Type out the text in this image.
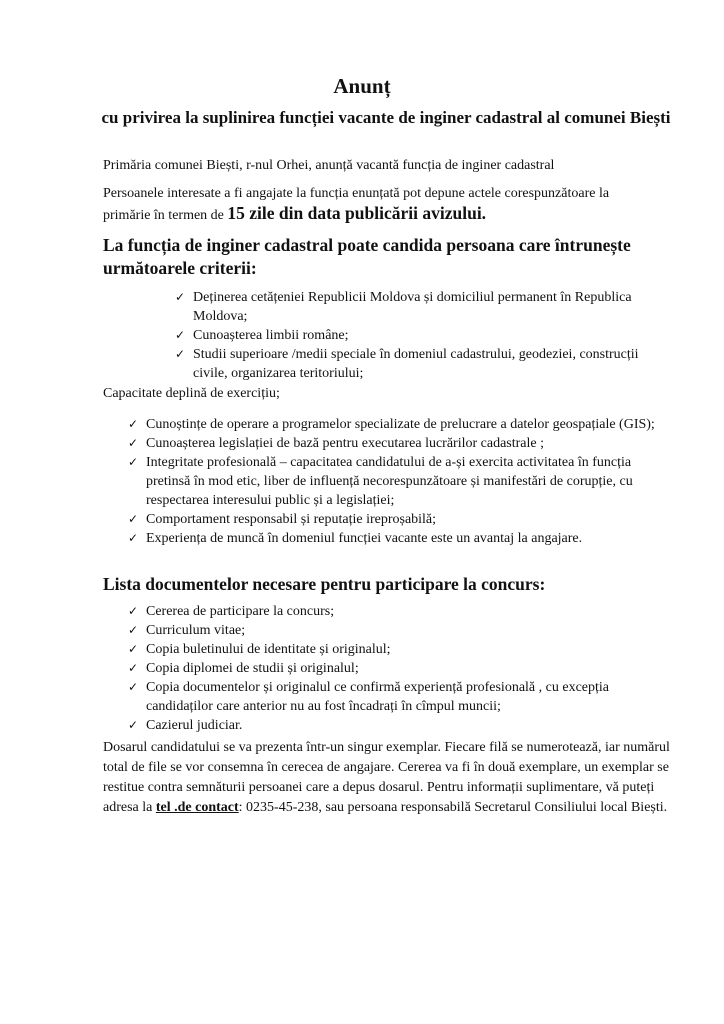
Anunț
cu privirea la suplinirea funcției vacante de inginer cadastral al comunei Biești
Primăria comunei Biești, r-nul Orhei, anunță vacantă funcția de inginer cadastral
Persoanele interesate a fi angajate la funcția enunțată pot depune actele corespunzătoare la
primărie în termen de 15 zile din data publicării avizului.
La funcția de inginer cadastral poate candida persoana care întrunește
următoarele criterii:
✓ Deținerea cetățeniei Republicii Moldova și domiciliul permanent în Republica Moldova;
✓ Cunoașterea limbii române;
✓ Studii superioare /medii speciale în domeniul cadastrului, geodeziei, construcții civile, organizarea teritoriului;
Capacitate deplină de exercițiu;
✓ Cunoștințe de operare a programelor specializate de prelucrare a datelor geospațiale (GIS);
✓ Cunoașterea legislației de bază pentru executarea lucrărilor cadastrale ;
✓ Integritate profesională – capacitatea candidatului de a-și exercita activitatea în funcția pretinsă în mod etic, liber de influență necorespunzătoare și manifestări de corupție, cu respectarea interesului public și a legislației;
✓ Comportament responsabil și reputație ireproșabilă;
✓ Experiența de muncă în domeniul funcției vacante este un avantaj la angajare.
Lista documentelor necesare pentru participare la concurs:
✓ Cererea de participare la concurs;
✓ Curriculum vitae;
✓ Copia buletinului de identitate și originalul;
✓ Copia diplomei de studii și originalul;
✓ Copia documentelor și originalul ce confirmă experiență profesională , cu excepția candidaților care anterior nu au fost încadrați în cîmpul muncii;
✓ Cazierul judiciar.
Dosarul candidatului se va prezenta într-un singur exemplar. Fiecare filă se numerotează, iar numărul total de file se vor consemna în cerecea de angajare. Cererea va fi în două exemplare, un exemplar se restitue contra semnăturii persoanei care a depus dosarul. Pentru informații suplimentare, vă puteți adresa la tel .de contact: 0235-45-238, sau persoana responsabilă Secretarul Consiliului local Biești.
